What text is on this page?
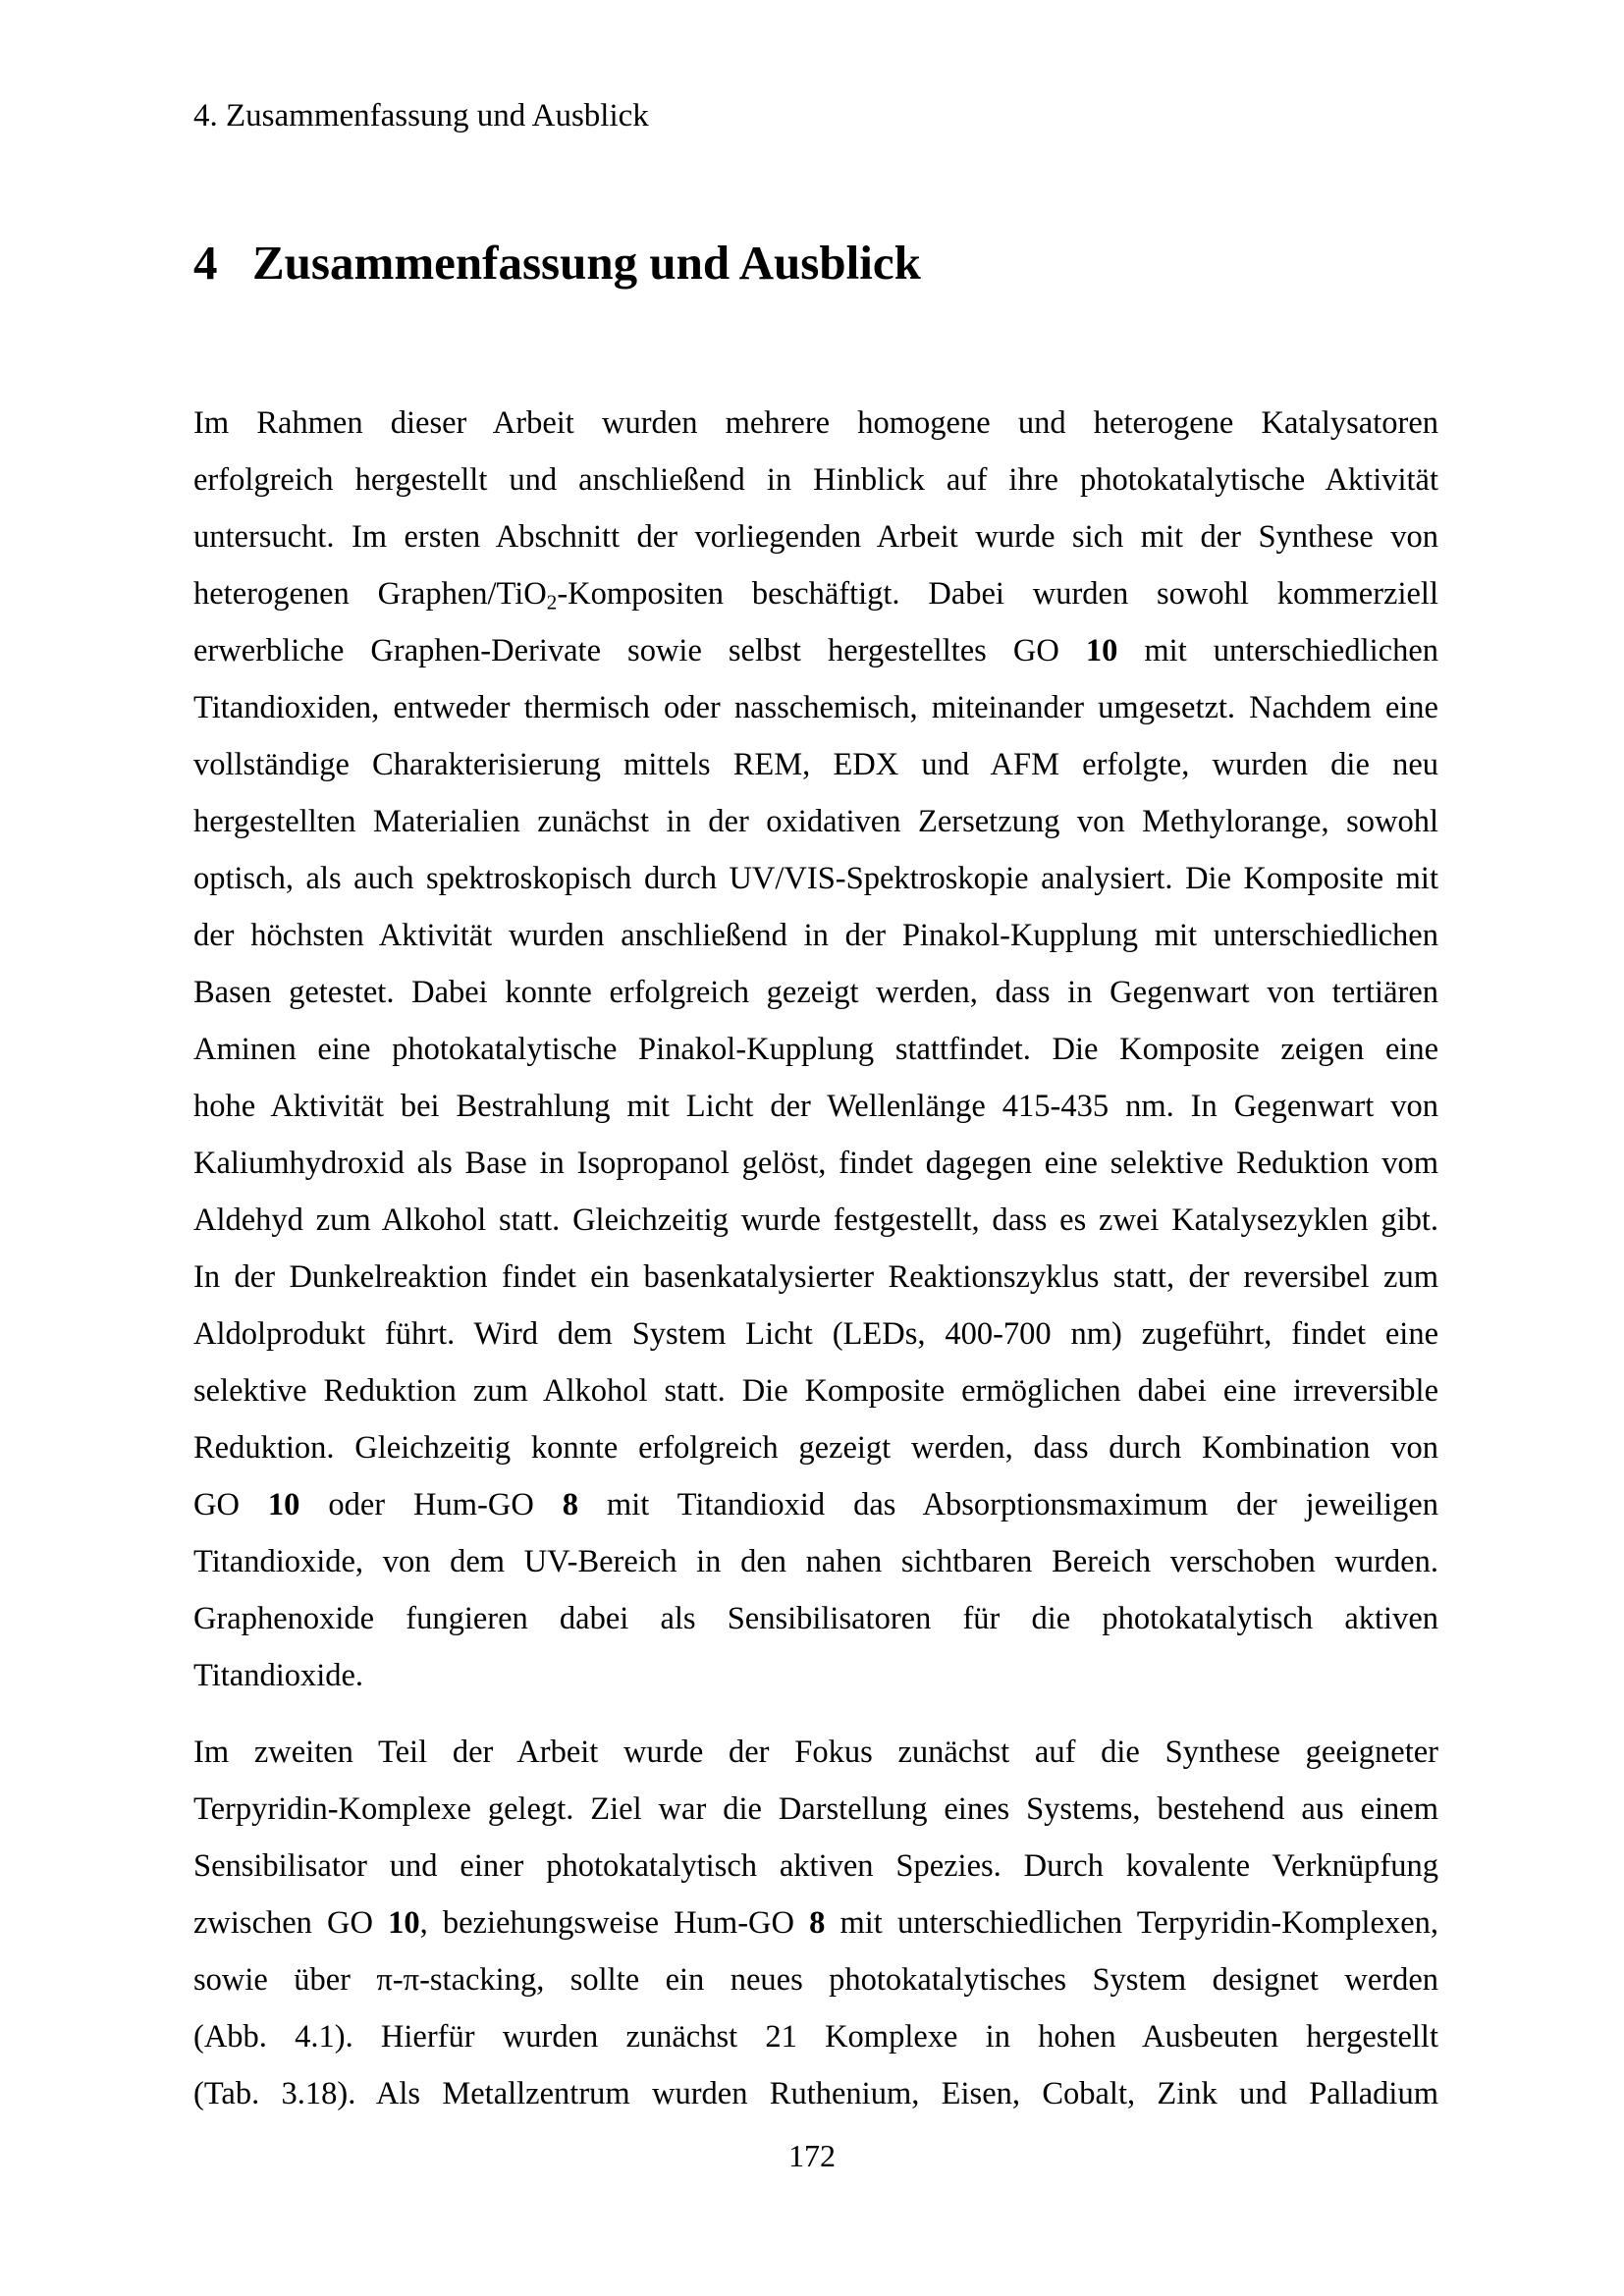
4. Zusammenfassung und Ausblick
4 Zusammenfassung und Ausblick
Im Rahmen dieser Arbeit wurden mehrere homogene und heterogene Katalysatoren
erfolgreich hergestellt und anschließend in Hinblick auf ihre photokatalytische Aktivität
untersucht. Im ersten Abschnitt der vorliegenden Arbeit wurde sich mit der Synthese von
heterogenen Graphen/TiO$_2$-Kompositen beschäftigt. Dabei wurden sowohl kommerziell
erwerbliche Graphen-Derivate sowie selbst hergestelltes GO 10 mit unterschiedlichen
Titandioxiden, entweder thermisch oder nasschemisch, miteinander umgesetzt. Nachdem eine
vollständige Charakterisierung mittels REM, EDX und AFM erfolgte, wurden die neu
hergestellten Materialien zunächst in der oxidativen Zersetzung von Methylorange, sowohl
optisch, als auch spektroskopisch durch UV/VIS-Spektroskopie analysiert. Die Komposite mit
der höchsten Aktivität wurden anschließend in der Pinakol-Kupplung mit unterschiedlichen
Basen getestet. Dabei konnte erfolgreich gezeigt werden, dass in Gegenwart von tertiären
Aminen eine photokatalytische Pinakol-Kupplung stattfindet. Die Komposite zeigen eine
hohe Aktivität bei Bestrahlung mit Licht der Wellenlänge 415-435 nm. In Gegenwart von
Kaliumhydroxid als Base in Isopropanol gelöst, findet dagegen eine selektive Reduktion vom
Aldehyd zum Alkohol statt. Gleichzeitig wurde festgestellt, dass es zwei Katalysezyklen gibt.
In der Dunkelreaktion findet ein basenkatalysierter Reaktionszyklus statt, der reversibel zum
Aldolprodukt führt. Wird dem System Licht (LEDs, 400-700 nm) zugeführt, findet eine
selektive Reduktion zum Alkohol statt. Die Komposite ermöglichen dabei eine irreversible
Reduktion. Gleichzeitig konnte erfolgreich gezeigt werden, dass durch Kombination von
GO 10 oder Hum-GO 8 mit Titandioxid das Absorptionsmaximum der jeweiligen
Titandioxide, von dem UV-Bereich in den nahen sichtbaren Bereich verschoben wurden.
Graphenoxide fungieren dabei als Sensibilisatoren für die photokatalytisch aktiven
Titandioxide.
Im zweiten Teil der Arbeit wurde der Fokus zunächst auf die Synthese geeigneter
Terpyridin-Komplexe gelegt. Ziel war die Darstellung eines Systems, bestehend aus einem
Sensibilisator und einer photokatalytisch aktiven Spezies. Durch kovalente Verknüpfung
zwischen GO 10, beziehungsweise Hum-GO 8 mit unterschiedlichen Terpyridin-Komplexen,
sowie über π-π-stacking, sollte ein neues photokatalytisches System designet werden
(Abb. 4.1). Hierfür wurden zunächst 21 Komplexe in hohen Ausbeuten hergestellt
(Tab. 3.18). Als Metallzentrum wurden Ruthenium, Eisen, Cobalt, Zink und Palladium
172
